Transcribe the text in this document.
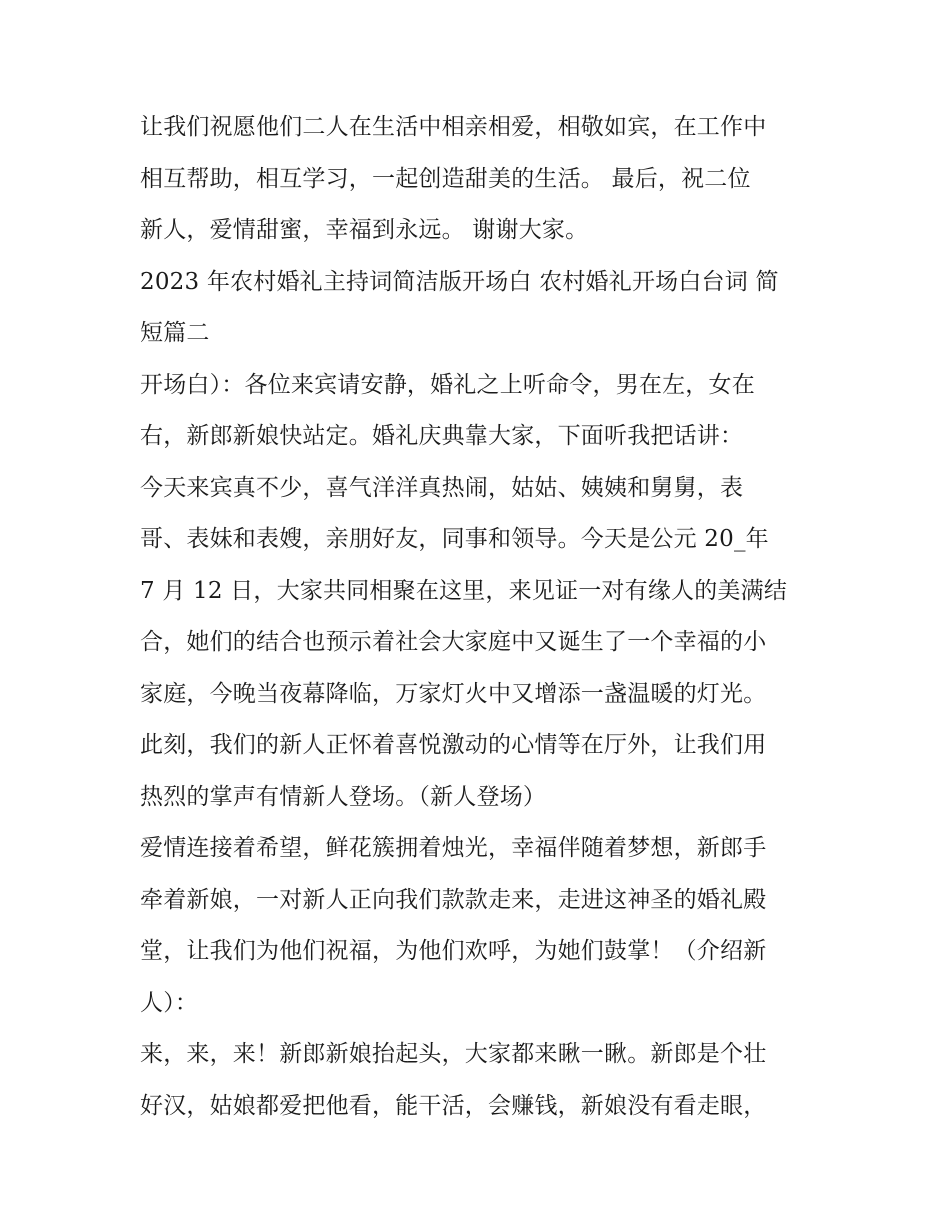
让我们祝愿他们二人在生活中相亲相爱，相敬如宾，在工作中
相互帮助，相互学习，一起创造甜美的生活。 最后，祝二位
新人，爱情甜蜜，幸福到永远。 谢谢大家。
2023 年农村婚礼主持词简洁版开场白 农村婚礼开场白台词 简
短篇二
开场白）：各位来宾请安静，婚礼之上听命令，男在左，女在
右，新郎新娘快站定。婚礼庆典靠大家，下面听我把话讲：
今天来宾真不少，喜气洋洋真热闹，姑姑、姨姨和舅舅，表
哥、表妹和表嫂，亲朋好友，同事和领导。今天是公元 20_年
7 月 12 日，大家共同相聚在这里，来见证一对有缘人的美满结
合，她们的结合也预示着社会大家庭中又诞生了一个幸福的小
家庭，今晚当夜幕降临，万家灯火中又增添一盏温暖的灯光。
此刻，我们的新人正怀着喜悦激动的心情等在厅外，让我们用
热烈的掌声有情新人登场。（新人登场）
爱情连接着希望，鲜花簇拥着烛光，幸福伴随着梦想，新郎手
牵着新娘，一对新人正向我们款款走来，走进这神圣的婚礼殿
堂，让我们为他们祝福，为他们欢呼，为她们鼓掌！（介绍新
人）：
来，来，来！新郎新娘抬起头，大家都来瞅一瞅。新郎是个壮
好汉，姑娘都爱把他看，能干活，会赚钱，新娘没有看走眼，
